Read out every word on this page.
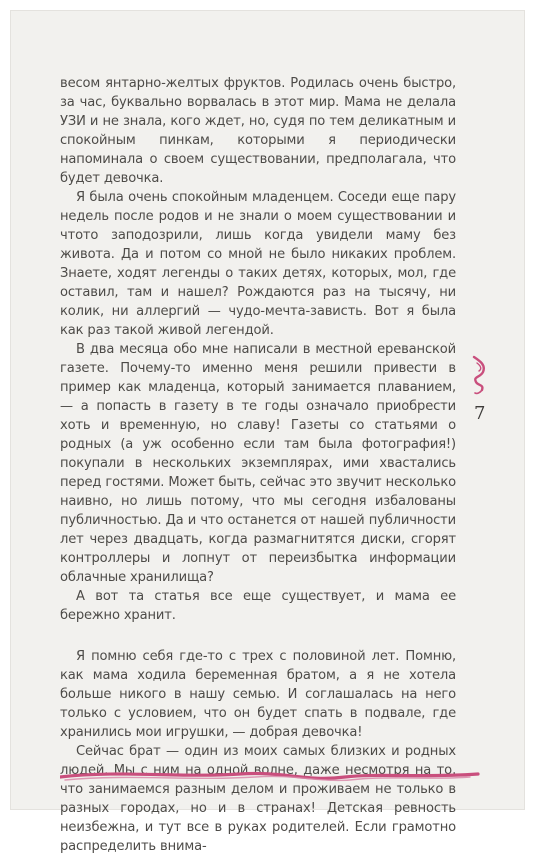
весом янтарно-желтых фруктов. Родилась очень быстро, за час, буквально ворвалась в этот мир. Мама не делала УЗИ и не знала, кого ждет, но, судя по тем деликатным и спокойным пинкам, которыми я периодически напоминала о своем существовании, предполагала, что будет девочка.

Я была очень спокойным младенцем. Соседи еще пару недель после родов и не знали о моем существовании и чтото заподозрили, лишь когда увидели маму без живота. Да и потом со мной не было никаких проблем. Знаете, ходят легенды о таких детях, которых, мол, где оставил, там и нашел? Рождаются раз на тысячу, ни колик, ни аллергий — чудо-мечта-зависть. Вот я была как раз такой живой легендой.

В два месяца обо мне написали в местной ереванской газете. Почему-то именно меня решили привести в пример как младенца, который занимается плаванием, — а попасть в газету в те годы означало приобрести хоть и временную, но славу! Газеты со статьями о родных (а уж особенно если там была фотография!) покупали в нескольких экземплярах, ими хвастались перед гостями. Может быть, сейчас это звучит несколько наивно, но лишь потому, что мы сегодня избалованы публичностью. Да и что останется от нашей публичности лет через двадцать, когда размагнитятся диски, сгорят контроллеры и лопнут от переизбытка информации облачные хранилища?

А вот та статья все еще существует, и мама ее бережно хранит.

Я помню себя где-то с трех с половиной лет. Помню, как мама ходила беременная братом, а я не хотела больше никого в нашу семью. И соглашалась на него только с условием, что он будет спать в подвале, где хранились мои игрушки, — добрая девочка!

Сейчас брат — один из моих самых близких и родных людей. Мы с ним на одной волне, даже несмотря на то, что занимаемся разным делом и проживаем не только в разных городах, но и в странах! Детская ревность неизбежна, и тут все в руках родителей. Если грамотно распределить внима-

7
